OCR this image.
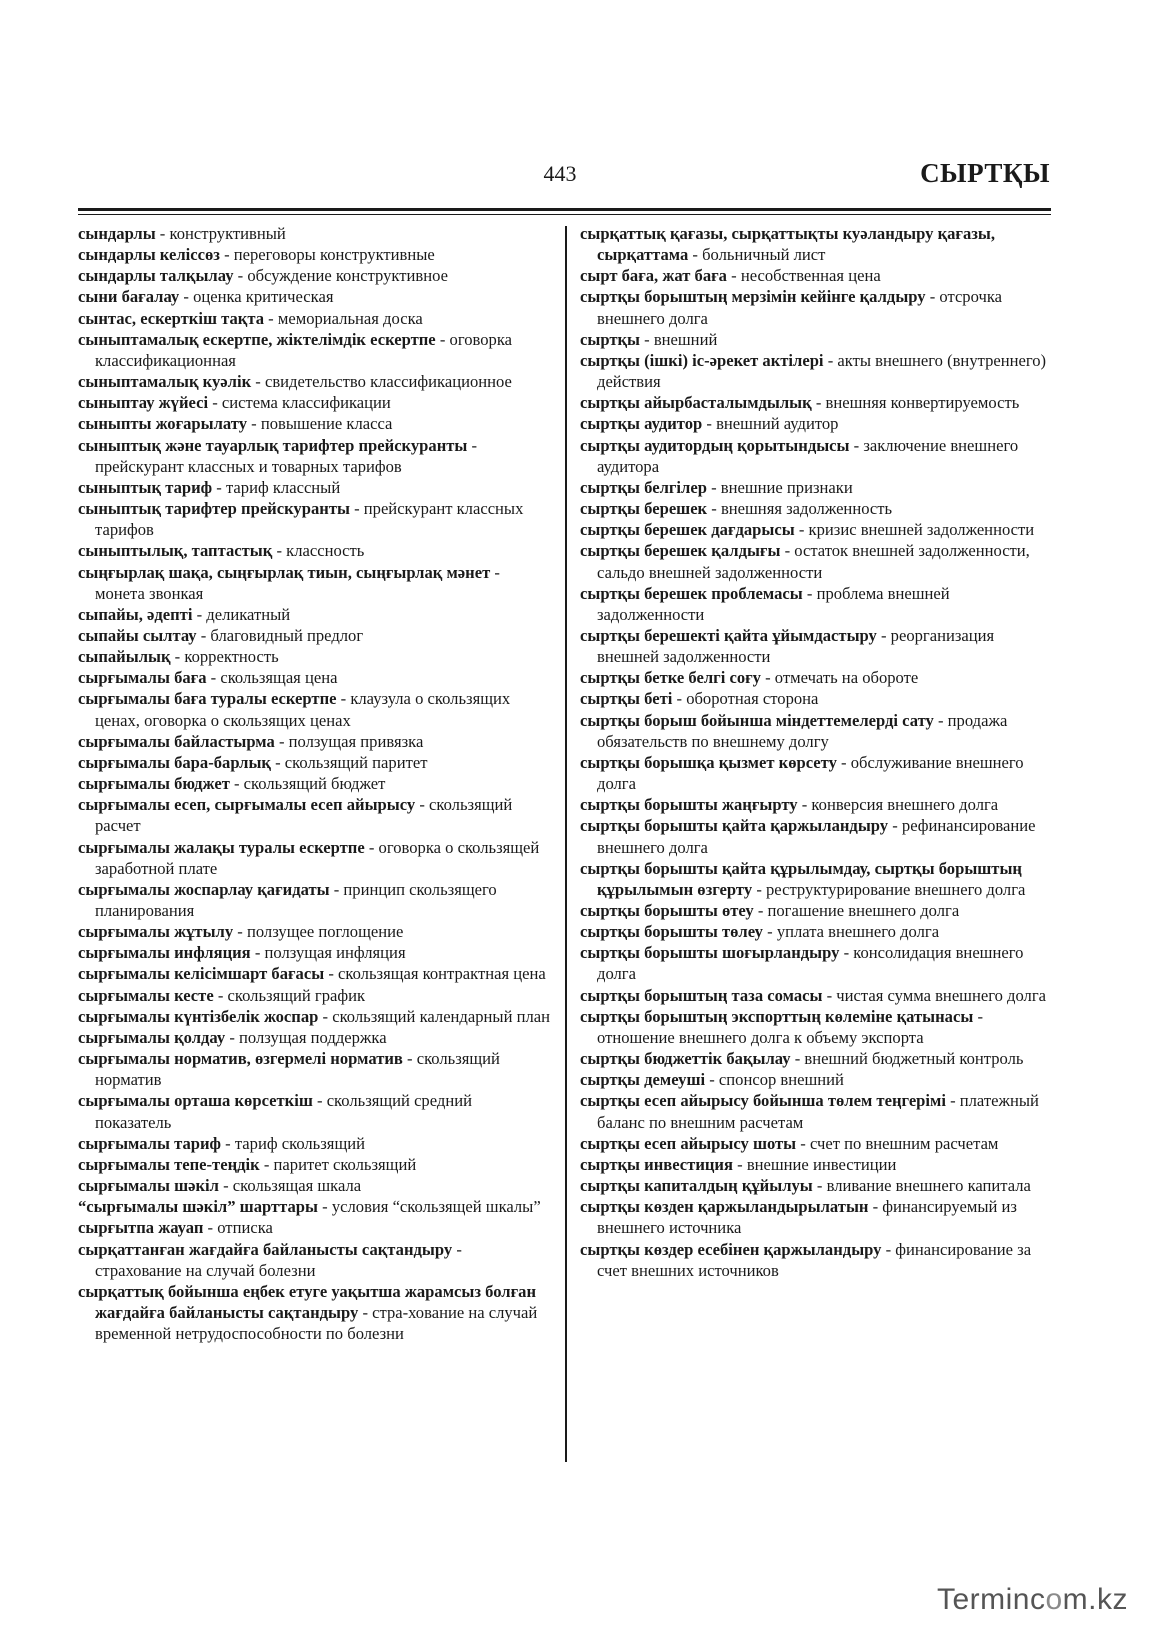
443	СЫРТҚЫ

сындарлы - конструктивный

сындарлы келіссөз - переговоры конструктивные

сындарлы талқылау - обсуждение конструктивное

сыни бағалау - оценка критическая

сынтас, ескерткіш тақта - мемориальная доска

сыныптамалық ескертпе, жіктелімдік ескертпе - оговорка классификационная

сыныптамалық куәлік - свидетельство классификационное

сыныптау жүйесі - система классификации

сыныпты жоғарылату - повышение класса

сыныптық және тауарлық тарифтер прейскуранты - прейскурант классных и товарных тарифов

сыныптық тариф - тариф классный

сыныптық тарифтер прейскуранты - прейскурант классных тарифов

сыныптылық, таптастық - классность

сыңғырлақ шақа, сыңғырлақ тиын, сыңғырлақ мәнет - монета звонкая

сыпайы, әдепті - деликатный

сыпайы сылтау - благовидный предлог

сыпайылық - корректность

сырғымалы баға - скользящая цена

сырғымалы баға туралы ескертпе - клаузула о скользящих ценах, оговорка о скользящих ценах

сырғымалы байластырма - ползущая привязка

сырғымалы бара-барлық - скользящий паритет

сырғымалы бюджет - скользящий бюджет

сырғымалы есеп, сырғымалы есеп айырысу - скользящий расчет

сырғымалы жалақы туралы ескертпе - оговорка о скользящей заработной плате

сырғымалы жоспарлау қағидаты - принцип скользящего планирования

сырғымалы жұтылу - ползущее поглощение

сырғымалы инфляция - ползущая инфляция

сырғымалы келісімшарт бағасы - скользящая контрактная цена

сырғымалы кесте - скользящий график

сырғымалы күнтізбелік жоспар - скользящий календарный план

сырғымалы қолдау - ползущая поддержка

сырғымалы норматив, өзгермелі норматив - скользящий норматив

сырғымалы орташа көрсеткіш - скользящий средний показатель

сырғымалы тариф - тариф скользящий

сырғымалы тепе-теңдік - паритет скользящий

сырғымалы шәкіл - скользящая шкала

“сырғымалы шәкіл” шарттары - условия “скользящей шкалы”

сырғытпа жауап - отписка

сырқаттанған жағдайға байланысты сақтандыру - страхование на случай болезни

сырқаттық бойынша еңбек етуге уақытша жарамсыз болған жағдайға байланысты сақтандыру - стра-хование на случай временной нетрудоспособности по болезни

сырқаттық қағазы, сырқаттықты куәландыру қағазы, сырқаттама - больничный лист

сырт баға, жат баға - несобственная цена

сыртқы борыштың мерзімін кейінге қалдыру - отсрочка внешнего долга

сыртқы - внешний

сыртқы (ішкі) іс-әрекет актілері - акты внешнего (внутреннего) действия

сыртқы айырбасталымдылық - внешняя конвертируемость

сыртқы аудитор - внешний аудитор

сыртқы аудитордың қорытындысы - заключение внешнего аудитора

сыртқы белгілер - внешние признаки

сыртқы берешек - внешняя задолженность

сыртқы берешек дағдарысы - кризис внешней задолженности

сыртқы берешек қалдығы - остаток внешней задолженности, сальдо внешней задолженности

сыртқы берешек проблемасы - проблема внешней задолженности

сыртқы берешекті қайта ұйымдастыру - реорганизация внешней задолженности

сыртқы бетке белгі соғу - отмечать на обороте

сыртқы беті - оборотная сторона

сыртқы борыш бойынша міндеттемелерді сату - продажа обязательств по внешнему долгу

сыртқы борышқа қызмет көрсету - обслуживание внешнего долга

сыртқы борышты жаңғырту - конверсия внешнего долга

сыртқы борышты қайта қаржыландыру - рефинансирование внешнего долга

сыртқы борышты қайта құрылымдау, сыртқы борыштың құрылымын өзгерту - реструктурирование внешнего долга

сыртқы борышты өтеу - погашение внешнего долга

сыртқы борышты төлеу - уплата внешнего долга

сыртқы борышты шоғырландыру - консолидация внешнего долга

сыртқы борыштың таза сомасы - чистая сумма внешнего долга

сыртқы борыштың экспорттың көлеміне қатынасы - отношение внешнего долга к объему экспорта

сыртқы бюджеттік бақылау - внешний бюджетный контроль

сыртқы демеуші - спонсор внешний

сыртқы есеп айырысу бойынша төлем теңгерімі - платежный баланс по внешним расчетам

сыртқы есеп айырысу шоты - счет по внешним расчетам

сыртқы инвестиция - внешние инвестиции

сыртқы капиталдың құйылуы - вливание внешнего капитала

сыртқы көзден қаржыландырылатын - финансируемый из внешнего источника

сыртқы көздер есебінен қаржыландыру - финансирование за счет внешних источников

Termincom.kz
